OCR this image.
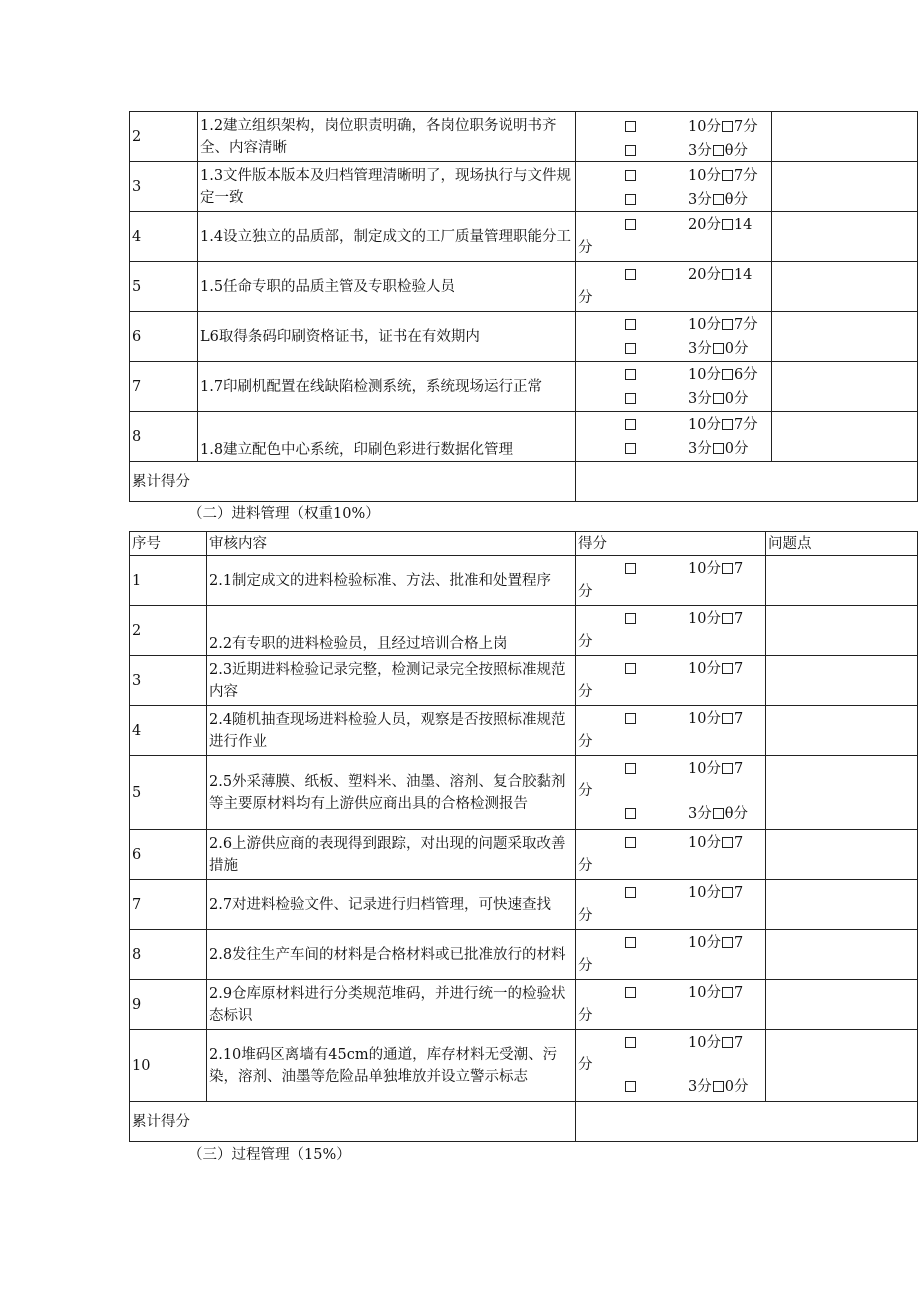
2	1.2建立组织架构，岗位职责明确，各岗位职务说明书齐全、内容清晰	10分 7分
3分 θ分	

3	1.3文件版本版本及归档管理清晰明了，现场执行与文件规定一致	10分 7分
3分 θ分	

4	1.4设立独立的品质部，制定成文的工厂质量管理职能分工	20分 14
分	

5	1.5任命专职的品质主管及专职检验人员	20分 14
分	

6	L6取得条码印刷资格证书，证书在有效期内	10分 7分
3分 0分	

7	1.7印刷机配置在线缺陷检测系统，系统现场运行正常	10分 6分
3分 0分	

8	1.8建立配色中心系统，印刷色彩进行数据化管理	10分 7分
3分 0分	

累计得分			
（二）进料管理（权重10%）
序号	审核内容	得分	问题点
1	2.1制定成文的进料检验标准、方法、批准和处置程序	10分 7
分	

2	2.2有专职的进料检验员，且经过培训合格上岗	10分 7
分	

3	2.3近期进料检验记录完整，检测记录完全按照标准规范内容	10分 7
分	

4	2.4随机抽查现场进料检验人员，观察是否按照标准规范进行作业	10分 7
分	

5	2.5外采薄膜、纸板、塑料米、油墨、溶剂、复合胶黏剂等主要原材料均有上游供应商出具的合格检测报告	10分 7
分
3分 θ分	

6	2.6上游供应商的表现得到跟踪，对出现的问题采取改善措施	10分 7
分	

7	2.7对进料检验文件、记录进行归档管理，可快速查找	10分 7
分	

8	2.8发往生产车间的材料是合格材料或已批准放行的材料	10分 7
分	

9	2.9仓库原材料进行分类规范堆码，并进行统一的检验状态标识	10分 7
分	

10	2.10堆码区离墙有45cm的通道，库存材料无受潮、污染，溶剂、油墨等危险品单独堆放并设立警示标志	10分 7
分
3分 0分	

累计得分			
（三）过程管理（15%）
